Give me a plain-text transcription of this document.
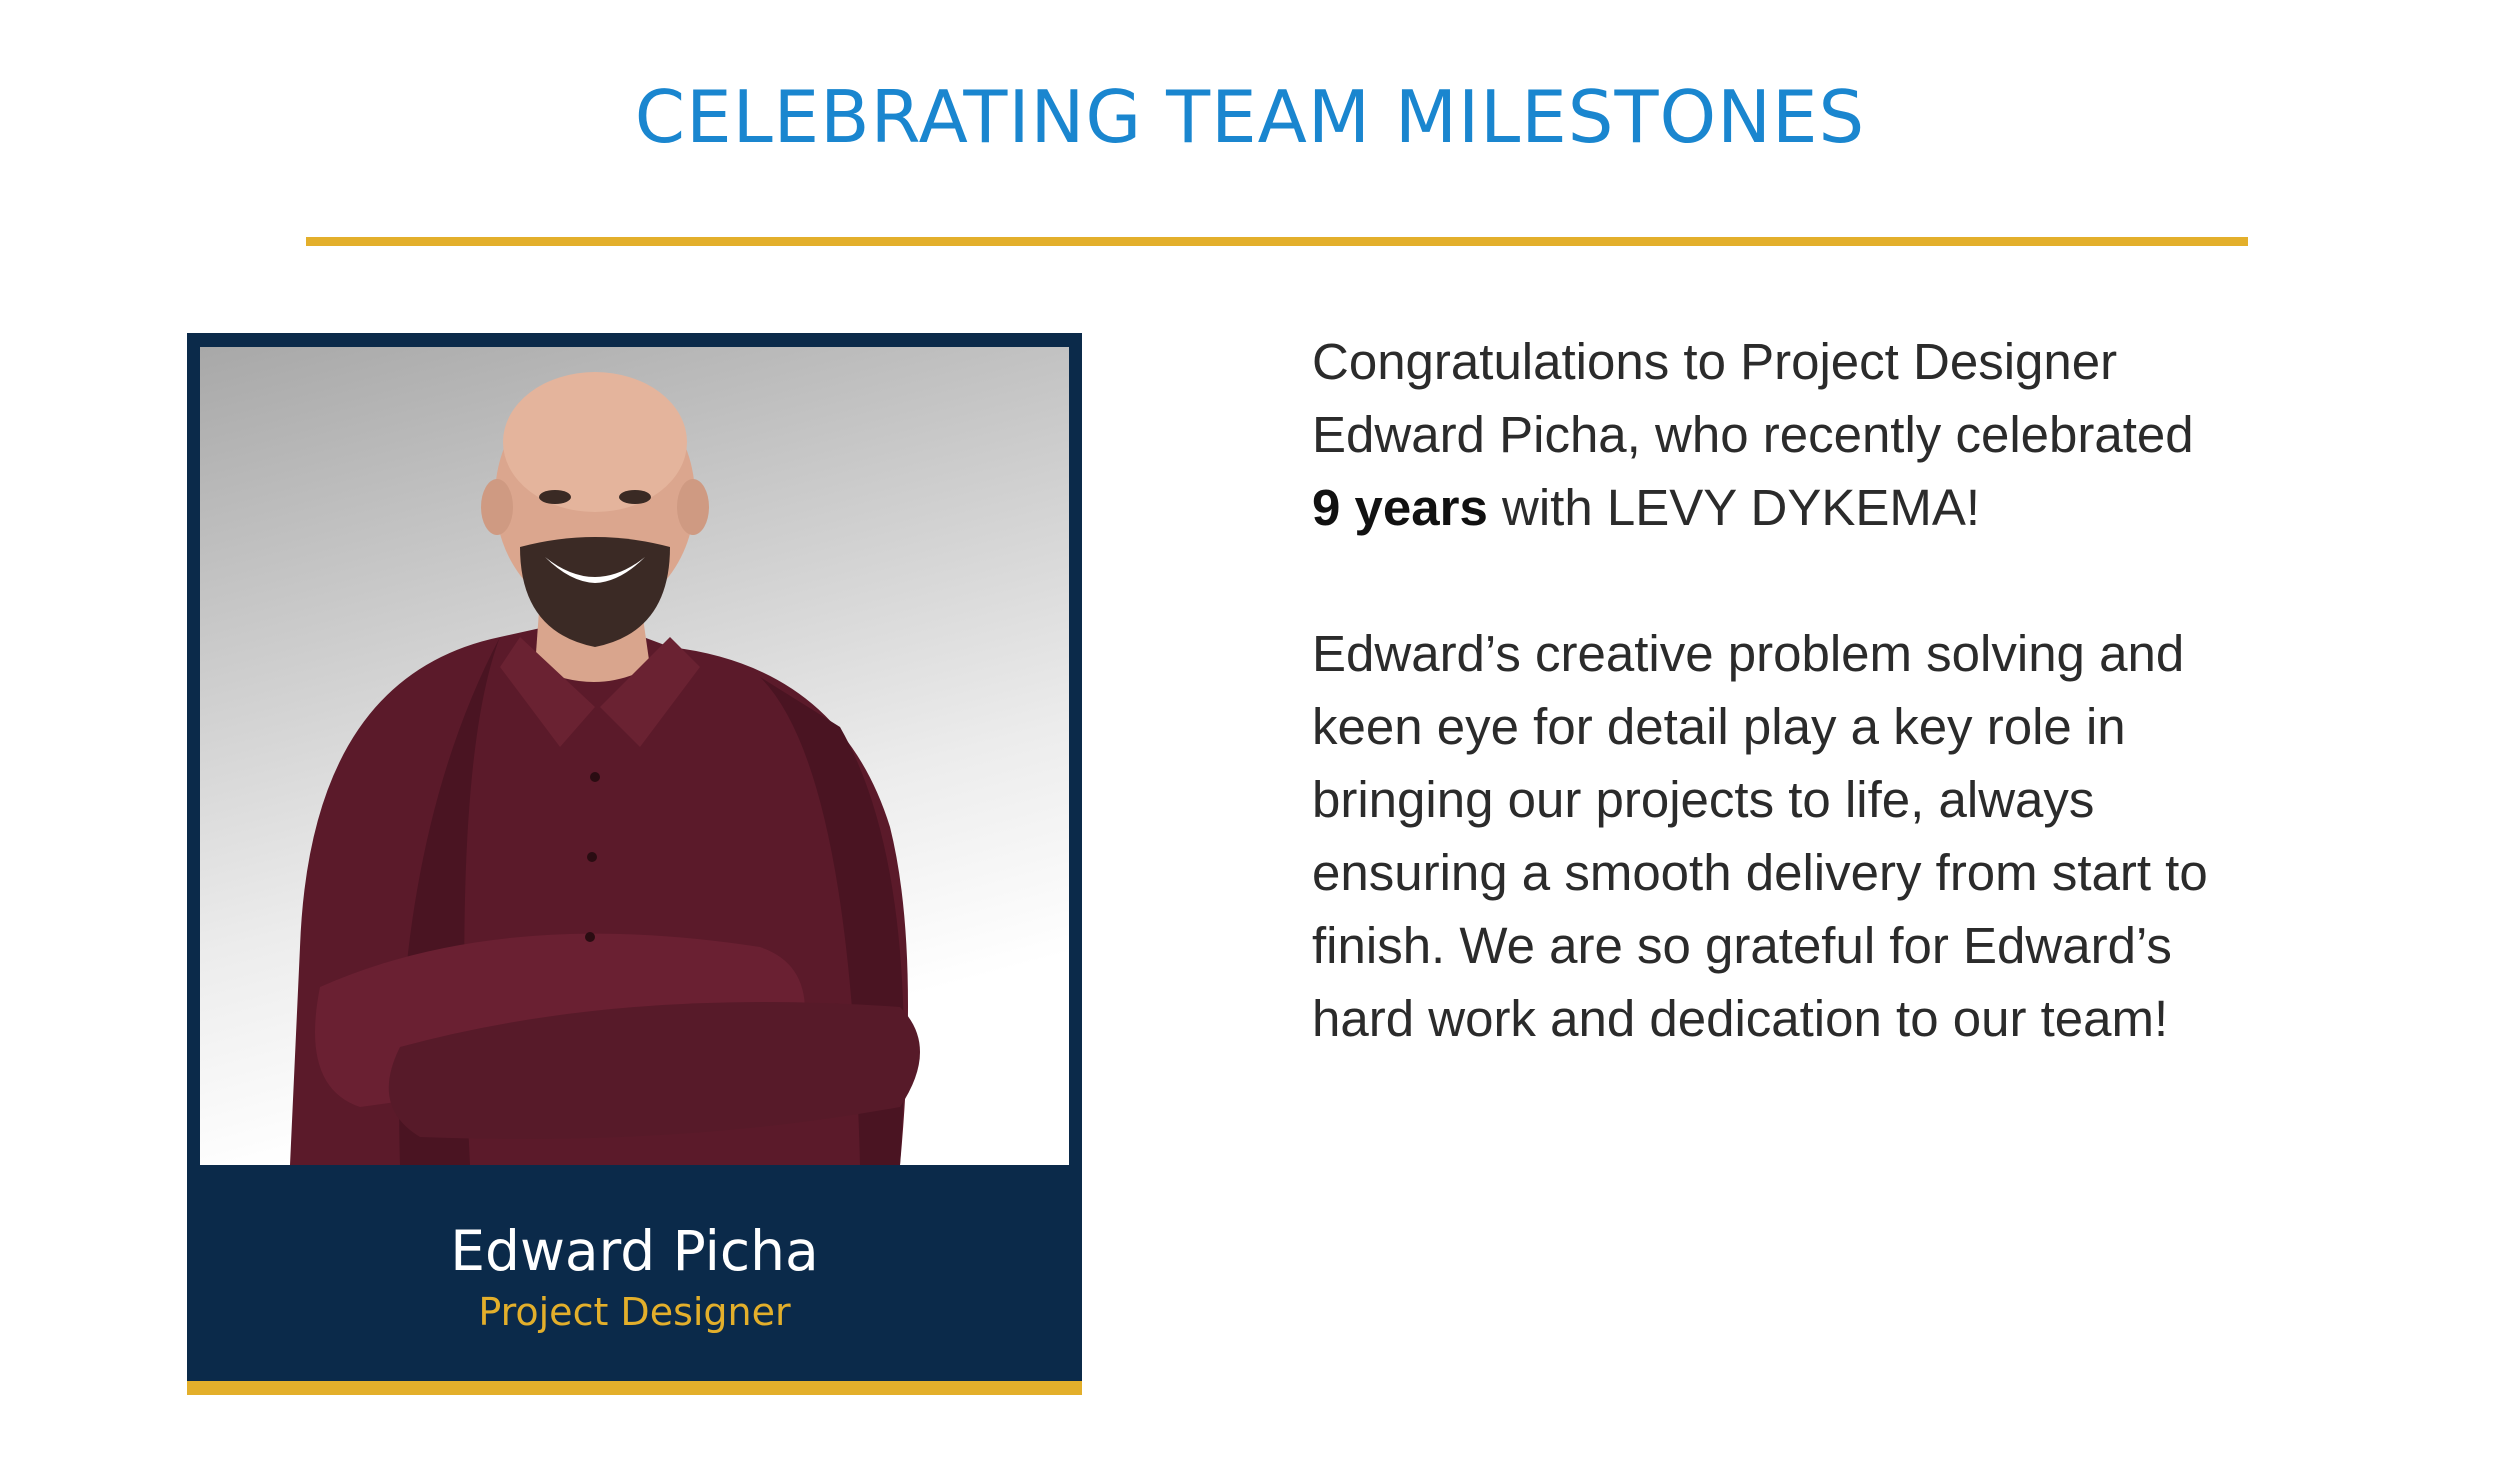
CELEBRATING TEAM MILESTONES
Edward Picha
Project Designer
Congratulations to Project Designer
Edward Picha, who recently celebrated
9 years with LEVY DYKEMA!
Edward’s creative problem solving and
keen eye for detail play a key role in
bringing our projects to life, always
ensuring a smooth delivery from start to
finish. We are so grateful for Edward’s
hard work and dedication to our team!
